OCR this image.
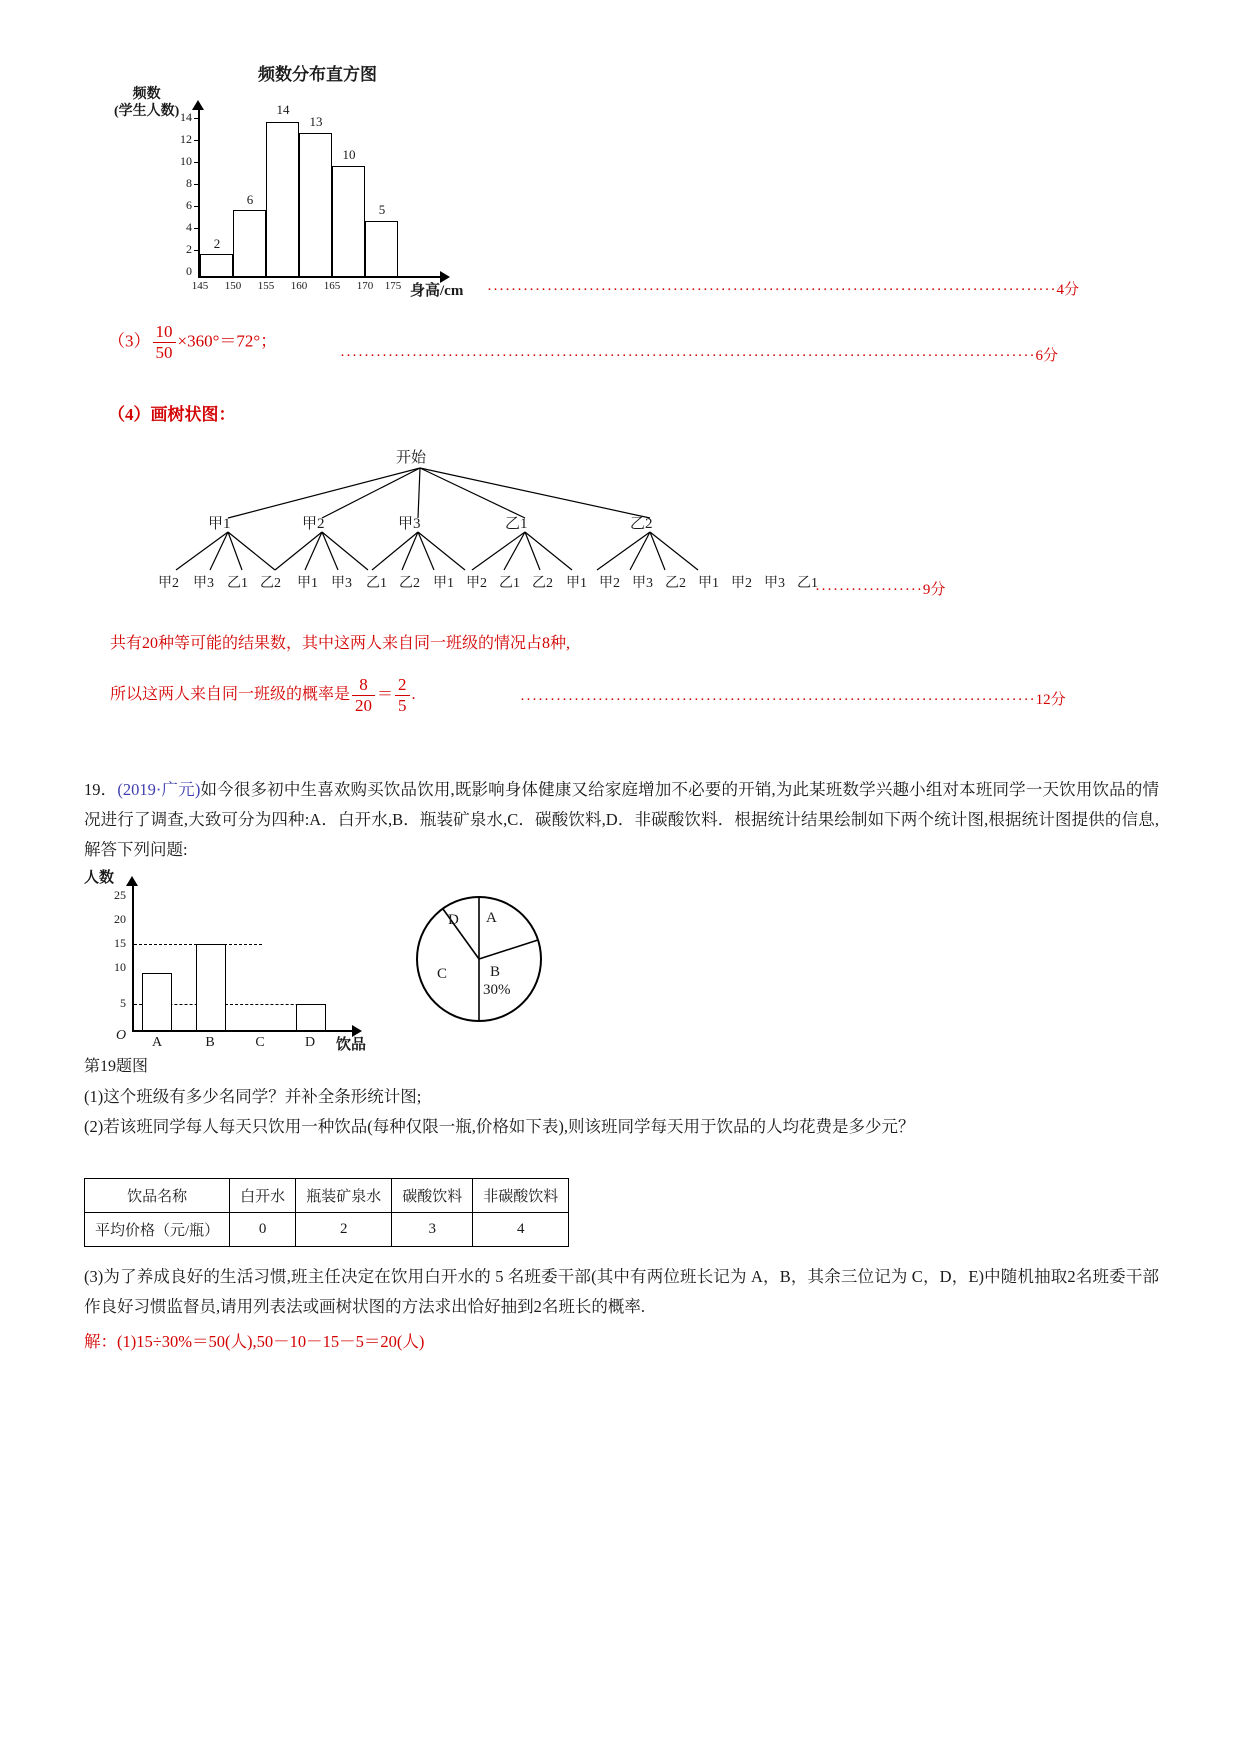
频数分布直方图
频数
(学生人数) 14
12
10
8
6
4
2
0
2
6
14
13
10
5
145	150	155	160	165	170	175 身高/cm ·······························································································4分
$(3) \frac{10}{50} \times 360^\circ=72^\circ$；
····················································································································6分
（4）画树状图：
开始
甲1	甲2	甲3	乙1	乙2
甲2 甲3 乙1 乙2 甲1 甲3 乙1 乙2 甲1 甲2 乙1 乙2 甲1 甲2 甲3 乙2 甲1 甲2 甲3 乙1
··················9分
共有20种等可能的结果数，其中这两人来自同一班级的情况占8种,
所以这两人来自同一班级的概率是 $\frac{8}{20} = \frac{2}{5}$ .	······················································································12分
19．(2019·广元)如今很多初中生喜欢购买饮品饮用,既影响身体健康又给家庭增加不必要的开销,为此某班数学兴趣小组对本班同学一天饮用饮品的情况进行了调查,大致可分为四种:A．白开水,B．瓶装矿泉水,C．碳酸饮料,D．非碳酸饮料．根据统计结果绘制如下两个统计图,根据统计图提供的信息,解答下列问题:
人数
25
20
15
10
5
O	A	B	C	D	饮品
D A
C	B
30%
第19题图
(1)这个班级有多少名同学？并补全条形统计图;
(2)若该班同学每人每天只饮用一种饮品(每种仅限一瓶,价格如下表),则该班同学每天用于饮品的人均花费是多少元？
饮品名称	白开水	瓶装矿泉水	碳酸饮料	非碳酸饮料
平均价格（元/瓶）	0	2	3	4
(3)为了养成良好的生活习惯,班主任决定在饮用白开水的 5 名班委干部(其中有两位班长记为 A，B，其余三位记为 C，D，E)中随机抽取2名班委干部作良好习惯监督员,请用列表法或画树状图的方法求出恰好抽到2名班长的概率.
解：(1)15÷30%＝50(人),50－10－15－5＝20(人)
